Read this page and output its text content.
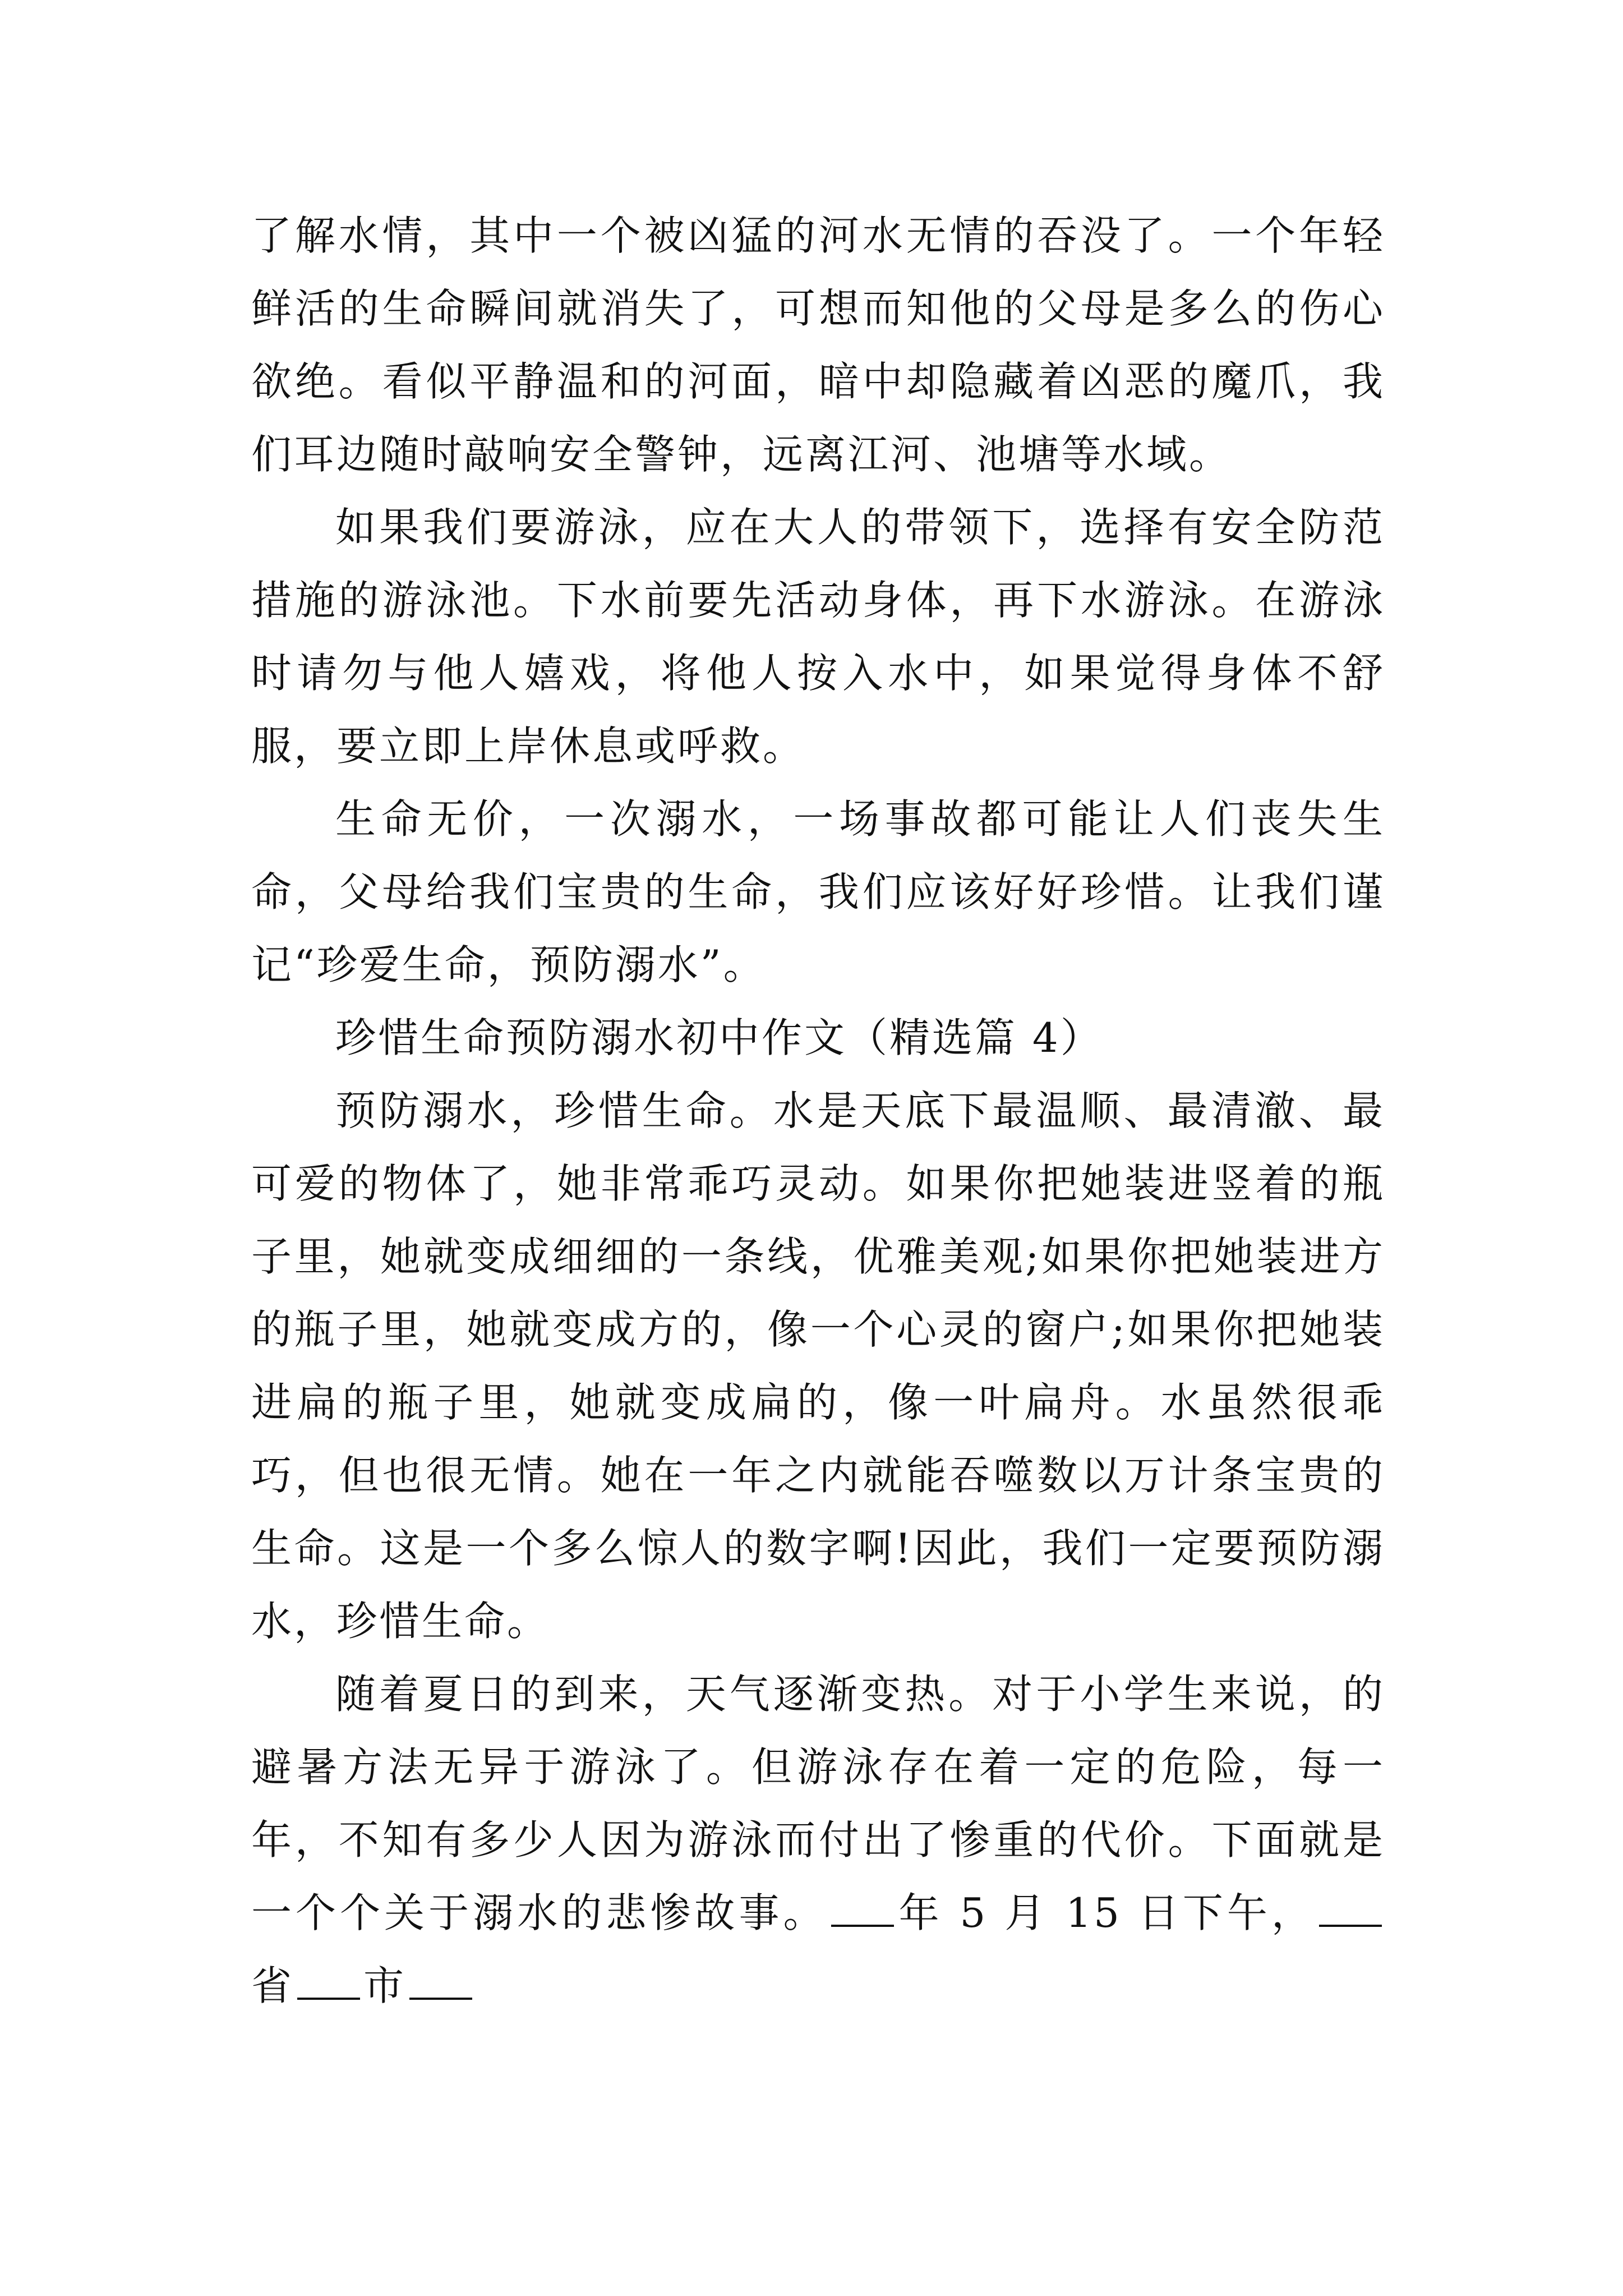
了解水情，其中一个被凶猛的河水无情的吞没了。一个年轻鲜活的生命瞬间就消失了，可想而知他的父母是多么的伤心欲绝。看似平静温和的河面，暗中却隐藏着凶恶的魔爪，我们耳边随时敲响安全警钟，远离江河、池塘等水域。

如果我们要游泳，应在大人的带领下，选择有安全防范措施的游泳池。下水前要先活动身体，再下水游泳。在游泳时请勿与他人嬉戏，将他人按入水中，如果觉得身体不舒服，要立即上岸休息或呼救。

生命无价，一次溺水，一场事故都可能让人们丧失生命，父母给我们宝贵的生命，我们应该好好珍惜。让我们谨记“珍爱生命，预防溺水”。

珍惜生命预防溺水初中作文（精选篇 4）

预防溺水，珍惜生命。水是天底下最温顺、最清澈、最可爱的物体了，她非常乖巧灵动。如果你把她装进竖着的瓶子里，她就变成细细的一条线，优雅美观;如果你把她装进方的瓶子里，她就变成方的，像一个心灵的窗户;如果你把她装进扁的瓶子里，她就变成扁的，像一叶扁舟。水虽然很乖巧，但也很无情。她在一年之内就能吞噬数以万计条宝贵的生命。这是一个多么惊人的数字啊!因此，我们一定要预防溺水，珍惜生命。

随着夏日的到来，天气逐渐变热。对于小学生来说，的避暑方法无异于游泳了。但游泳存在着一定的危险，每一年，不知有多少人因为游泳而付出了惨重的代价。下面就是一个个关于溺水的悲惨故事。 年 5 月 15 日下午，省 市
